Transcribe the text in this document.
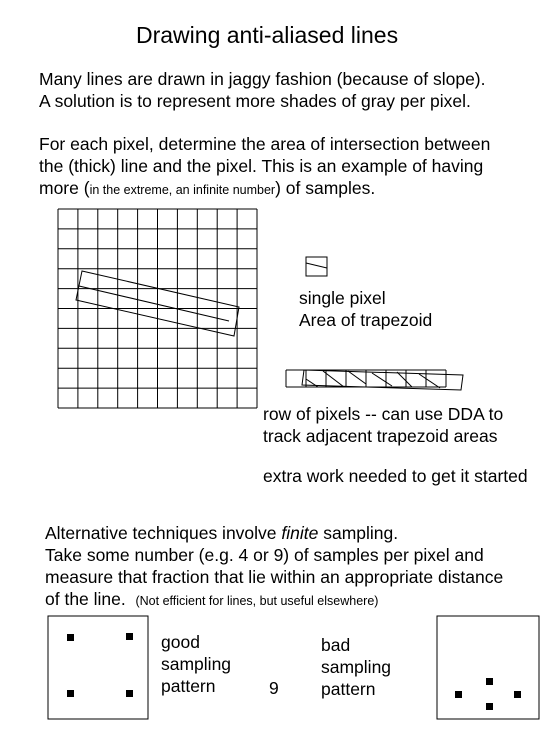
Drawing anti-aliased lines
Many lines are drawn in jaggy fashion (because of slope).
A solution is to represent more shades of gray per pixel.
For each pixel, determine the area of intersection between
the (thick) line and the pixel. This is an example of having
more (in the extreme, an infinite number) of samples.
single pixel
Area of trapezoid
row of pixels -- can use DDA to
track adjacent trapezoid areas
extra work needed to get it started
Alternative techniques involve finite sampling.
Take some number (e.g. 4 or 9) of samples per pixel and
measure that fraction that lie within an appropriate distance
of the line. (Not efficient for lines, but useful elsewhere)
good
sampling
pattern	9
bad
sampling
pattern
